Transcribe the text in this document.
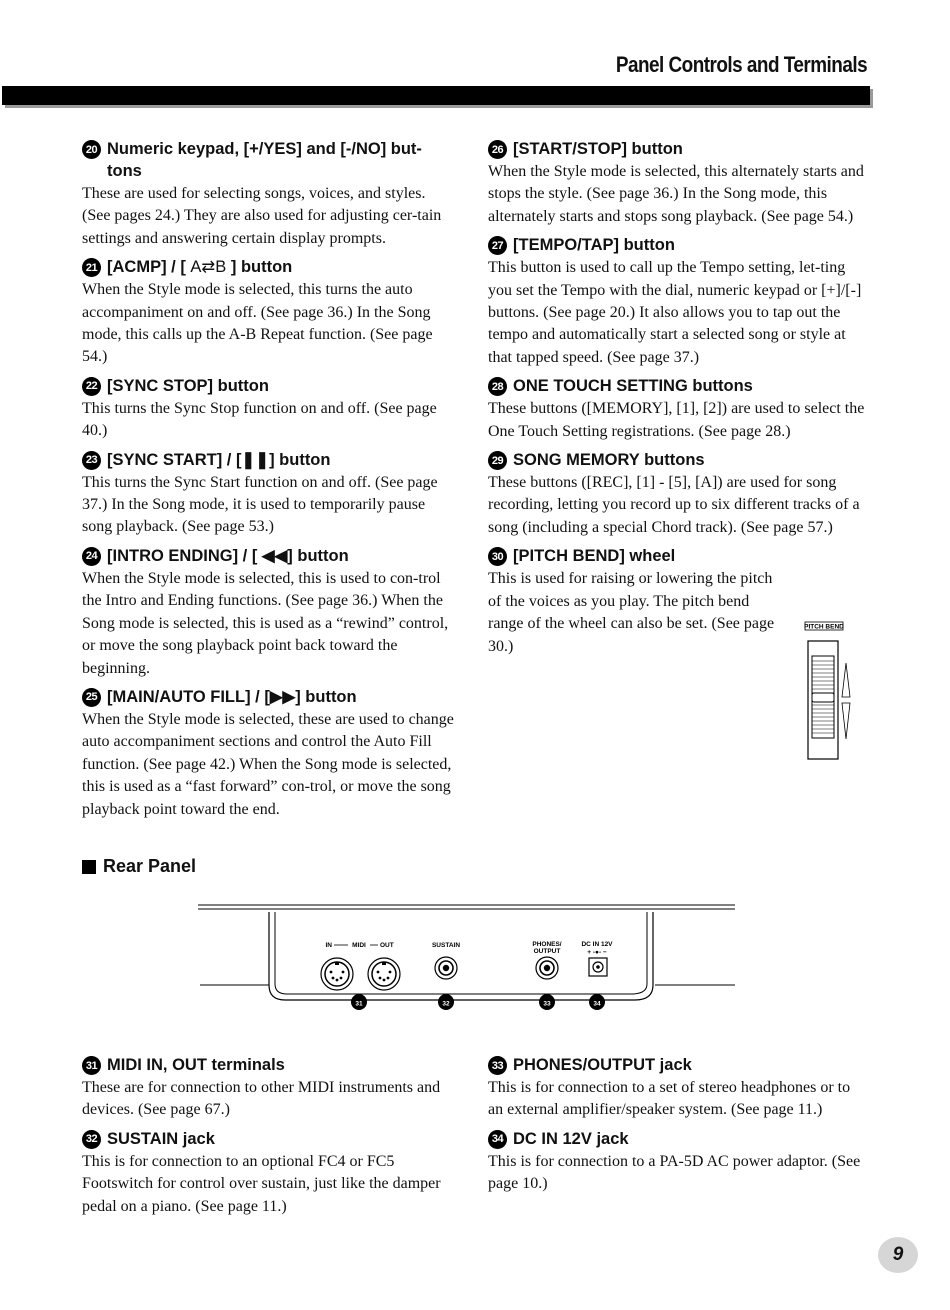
Panel Controls and Terminals
20 Numeric keypad, [+/YES] and [-/NO] but-
tons
These are used for selecting songs, voices, and styles. (See pages 24.) They are also used for adjusting cer-tain settings and answering certain display prompts.
21 [ACMP] / [ A⇄B ] button
When the Style mode is selected, this turns the auto accompaniment on and off. (See page 36.) In the Song mode, this calls up the A-B Repeat function. (See page 54.)
22 [SYNC STOP] button
This turns the Sync Stop function on and off. (See page 40.)
23 [SYNC START] / [❚❚] button
This turns the Sync Start function on and off. (See page 37.) In the Song mode, it is used to temporarily pause song playback. (See page 53.)
24 [INTRO ENDING] / [ ◀◀] button
When the Style mode is selected, this is used to con-trol the Intro and Ending functions. (See page 36.) When the Song mode is selected, this is used as a “rewind” control, or move the song playback point back toward the beginning.
25 [MAIN/AUTO FILL] / [▶▶] button
When the Style mode is selected, these are used to change auto accompaniment sections and control the Auto Fill function. (See page 42.) When the Song mode is selected, this is used as a “fast forward” con-trol, or move the song playback point toward the end.
26 [START/STOP] button
When the Style mode is selected, this alternately starts and stops the style. (See page 36.) In the Song mode, this alternately starts and stops song playback. (See page 54.)
27 [TEMPO/TAP] button
This button is used to call up the Tempo setting, let-ting you set the Tempo with the dial, numeric keypad or [+]/[-] buttons. (See page 20.) It also allows you to tap out the tempo and automatically start a selected song or style at that tapped speed. (See page 37.)
28 ONE TOUCH SETTING buttons
These buttons ([MEMORY], [1], [2]) are used to select the One Touch Setting registrations. (See page 28.)
29 SONG MEMORY buttons
These buttons ([REC], [1] - [5], [A]) are used for song recording, letting you record up to six different tracks of a song (including a special Chord track). (See page 57.)
30 [PITCH BEND] wheel
This is used for raising or lowering the pitch of the voices as you play. The pitch bend range of the wheel can also be set. (See page 30.)
PITCH BEND
Rear Panel
IN	MIDI OUT	SUSTAIN	PHONES/
OUTPUT
DC IN 12V
+ -●- −
31	32	33	34
31 MIDI IN, OUT terminals
These are for connection to other MIDI instruments and devices. (See page 67.)
32 SUSTAIN jack
This is for connection to an optional FC4 or FC5 Footswitch for control over sustain, just like the damper pedal on a piano. (See page 11.)
33 PHONES/OUTPUT jack
This is for connection to a set of stereo headphones or to an external amplifier/speaker system. (See page 11.)
34 DC IN 12V jack
This is for connection to a PA-5D AC power adaptor. (See page 10.)
9
